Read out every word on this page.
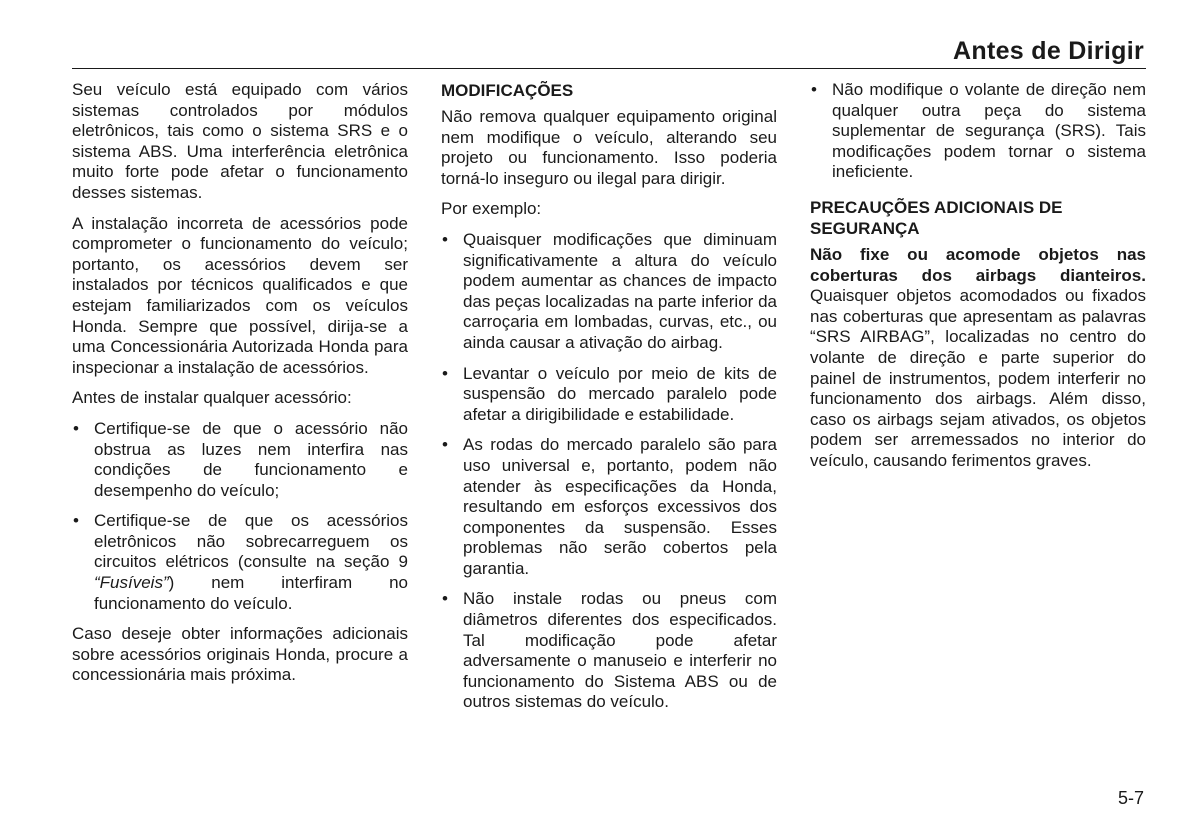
Antes de Dirigir

Seu veículo está equipado com vários sistemas controlados por módulos eletrônicos, tais como o sistema SRS e o sistema ABS. Uma interferência eletrônica muito forte pode afetar o funcionamento desses sistemas.

A instalação incorreta de acessórios pode comprometer o funcionamento do veículo; portanto, os acessórios devem ser instalados por técnicos qualificados e que estejam familiarizados com os veículos Honda. Sempre que possível, dirija-se a uma Concessionária Autorizada Honda para inspecionar a instalação de acessórios.

Antes de instalar qualquer acessório:

• Certifique-se de que o acessório não obstrua as luzes nem interfira nas condições de funcionamento e desempenho do veículo;
• Certifique-se de que os acessórios eletrônicos não sobrecarreguem os circuitos elétricos (consulte na seção 9 “Fusíveis”) nem interfiram no funcionamento do veículo.

Caso deseje obter informações adicionais sobre acessórios originais Honda, procure a concessionária mais próxima.

MODIFICAÇÕES

Não remova qualquer equipamento original nem modifique o veículo, alterando seu projeto ou funcionamento. Isso poderia torná-lo inseguro ou ilegal para dirigir.

Por exemplo:

• Quaisquer modificações que diminuam significativamente a altura do veículo podem aumentar as chances de impacto das peças localizadas na parte inferior da carroçaria em lombadas, curvas, etc., ou ainda causar a ativação do airbag.
• Levantar o veículo por meio de kits de suspensão do mercado paralelo pode afetar a dirigibilidade e estabilidade.
• As rodas do mercado paralelo são para uso universal e, portanto, podem não atender às especificações da Honda, resultando em esforços excessivos dos componentes da suspensão. Esses problemas não serão cobertos pela garantia.
• Não instale rodas ou pneus com diâmetros diferentes dos especificados. Tal modificação pode afetar adversamente o manuseio e interferir no funcionamento do Sistema ABS ou de outros sistemas do veículo.
• Não modifique o volante de direção nem qualquer outra peça do sistema suplementar de segurança (SRS). Tais modificações podem tornar o sistema ineficiente.
PRECAUÇÕES ADICIONAIS DE SEGURANÇA

Não fixe ou acomode objetos nas coberturas dos airbags dianteiros. Quaisquer objetos acomodados ou fixados nas coberturas que apresentam as palavras “SRS AIRBAG”, localizadas no centro do volante de direção e parte superior do painel de instrumentos, podem interferir no funcionamento dos airbags. Além disso, caso os airbags sejam ativados, os objetos podem ser arremessados no interior do veículo, causando ferimentos graves.

5-7
